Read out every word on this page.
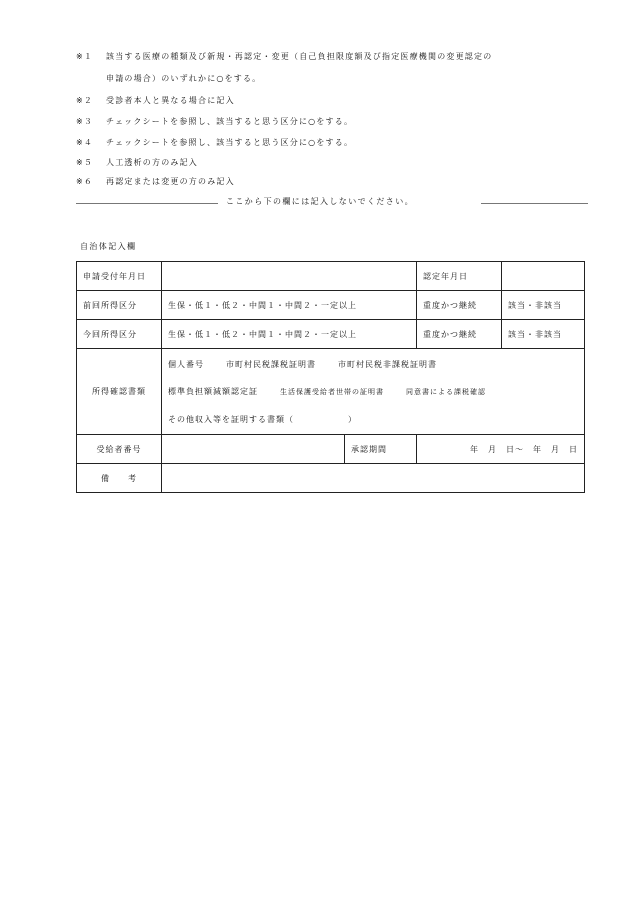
※１ 該当する医療の種類及び新規・再認定・変更（自己負担限度額及び指定医療機関の変更認定の
申請の場合）のいずれかに○をする。
※２ 受診者本人と異なる場合に記入
※３ チェックシートを参照し、該当すると思う区分に○をする。
※４ チェックシートを参照し、該当すると思う区分に○をする。
※５ 人工透析の方のみ記入
※６ 再認定または変更の方のみ記入
ここから下の欄には記入しないでください。
自治体記入欄
申請受付年月日			認定年月日	
前回所得区分	生保・低１・低２・中間１・中間２・一定以上		重度かつ継続	該当・非該当
今回所得区分	生保・低１・低２・中間１・中間２・一定以上		重度かつ継続	該当・非該当
所得確認書類	個人番号 市町村民税課税証明書 市町村民税非課税証明書
標準負担額減額認定証 生活保護受給者世帯の証明書 同意書による課税確認
その他収入等を証明する書類（　　　　　　）			

受給者番号		承認期間	年　月　日～　年　月　日	
備　　考				
